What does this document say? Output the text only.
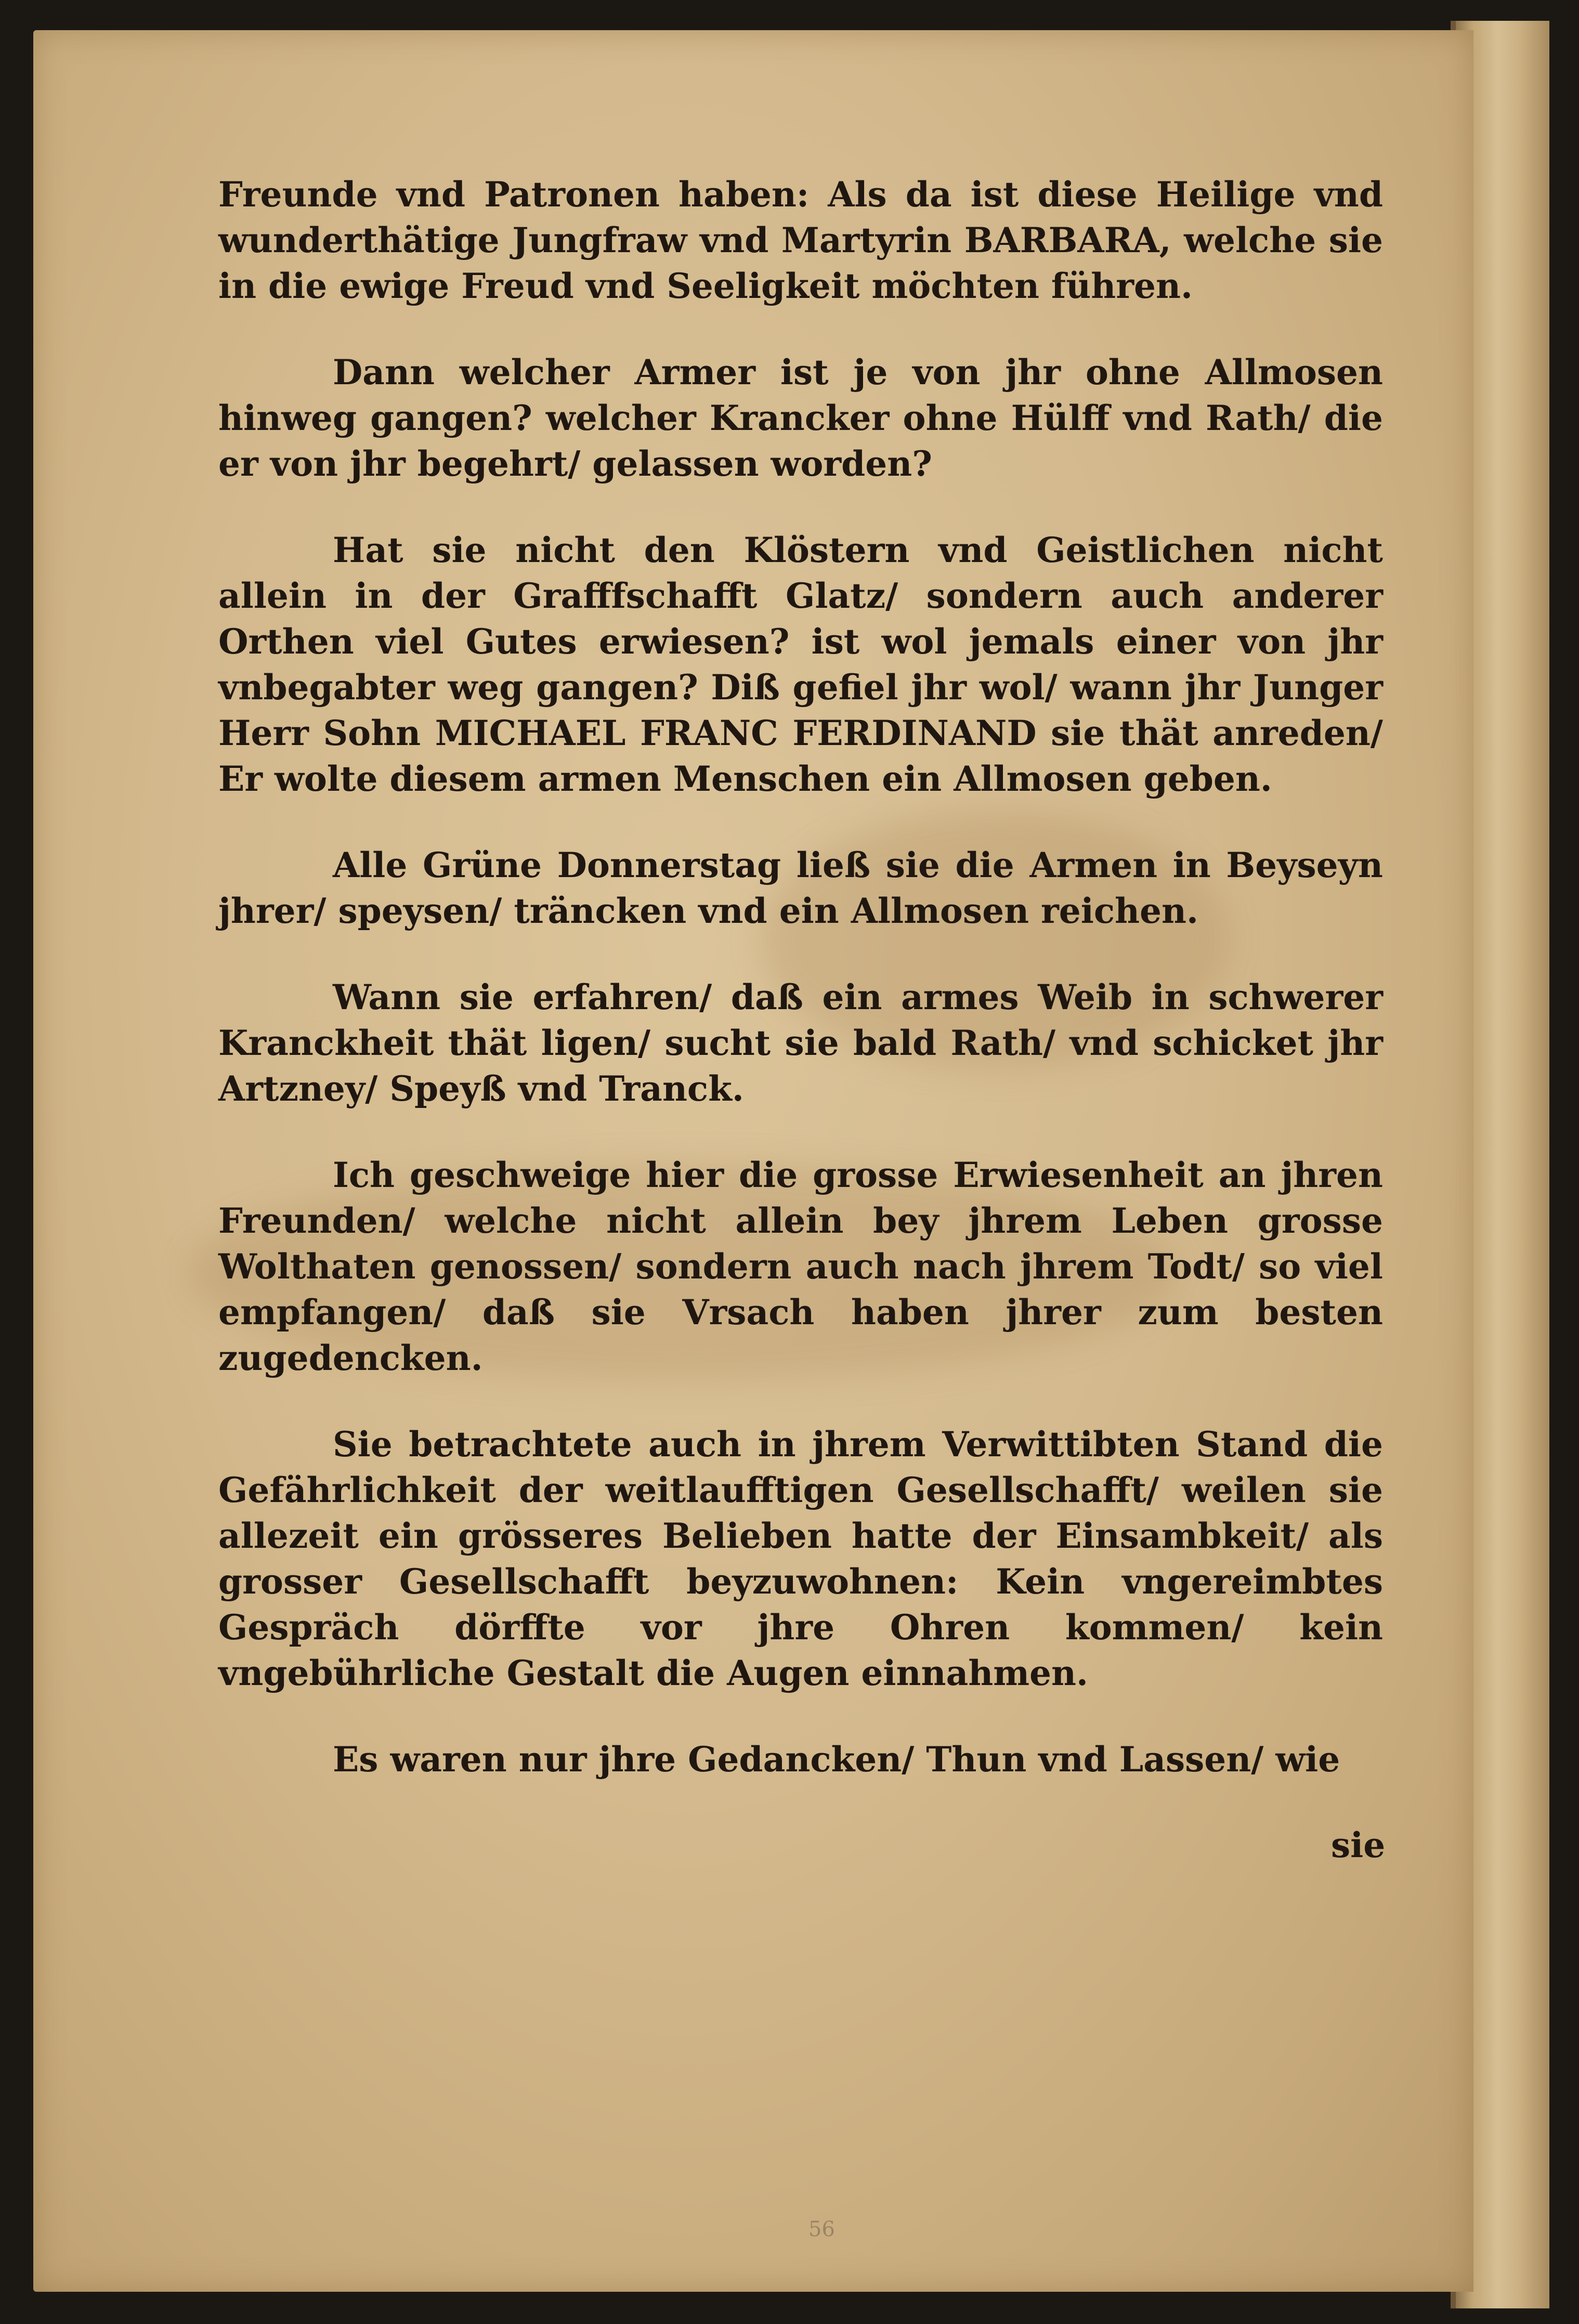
Freunde vnd Patronen haben: Als da ist diese Heilige vnd wunderthätige Jungfraw vnd Martyrin BARBARA, welche sie in die ewige Freud vnd Seeligkeit möchten führen.

Dann welcher Armer ist je von jhr ohne Allmosen hinweg gangen? welcher Krancker ohne Hülff vnd Rath/ die er von jhr begehrt/ gelassen worden?

Hat sie nicht den Klöstern vnd Geistlichen nicht allein in der Grafffschafft Glatz/ sondern auch anderer Orthen viel Gutes erwiesen? ist wol jemals einer von jhr vnbegabter weg gangen? Diß gefiel jhr wol/ wann jhr Junger Herr Sohn MICHAEL FRANC FERDINAND sie thät anreden/ Er wolte diesem armen Menschen ein Allmosen geben.

Alle Grüne Donnerstag ließ sie die Armen in Beyseyn jhrer/ speysen/ träncken vnd ein Allmosen reichen.

Wann sie erfahren/ daß ein armes Weib in schwerer Kranckheit thät ligen/ sucht sie bald Rath/ vnd schicket jhr Artzney/ Speyß vnd Tranck.

Ich geschweige hier die grosse Erwiesenheit an jhren Freunden/ welche nicht allein bey jhrem Leben grosse Wolthaten genossen/ sondern auch nach jhrem Todt/ so viel empfangen/ daß sie Vrsach haben jhrer zum besten zugedencken.

Sie betrachtete auch in jhrem Verwittibten Stand die Gefährlichkeit der weitlaufftigen Gesellschafft/ weilen sie allezeit ein grösseres Belieben hatte der Einsambkeit/ als grosser Gesellschafft beyzuwohnen: Kein vngereimbtes Gespräch dörffte vor jhre Ohren kommen/ kein vngebührliche Gestalt die Augen einnahmen.

Es waren nur jhre Gedancken/ Thun vnd Lassen/ wie

sie
56
